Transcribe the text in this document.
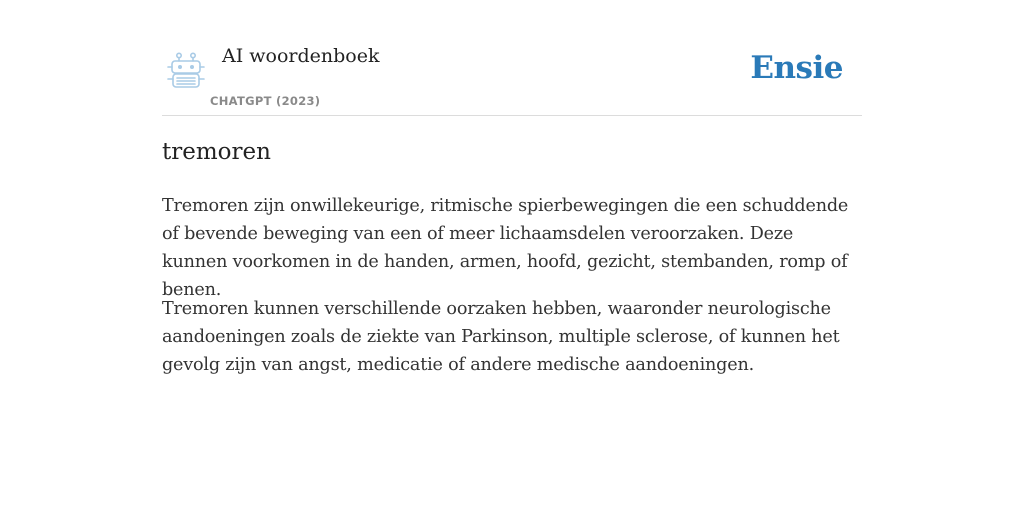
AI woordenboek
CHATGPT (2023)
Ensie
tremoren

Tremoren zijn onwillekeurige, ritmische spierbewegingen die een schuddende of bevende beweging van een of meer lichaamsdelen veroorzaken. Deze kunnen voorkomen in de handen, armen, hoofd, gezicht, stembanden, romp of benen.

Tremoren kunnen verschillende oorzaken hebben, waaronder neurologische aandoeningen zoals de ziekte van Parkinson, multiple sclerose, of kunnen het gevolg zijn van angst, medicatie of andere medische aandoeningen.
